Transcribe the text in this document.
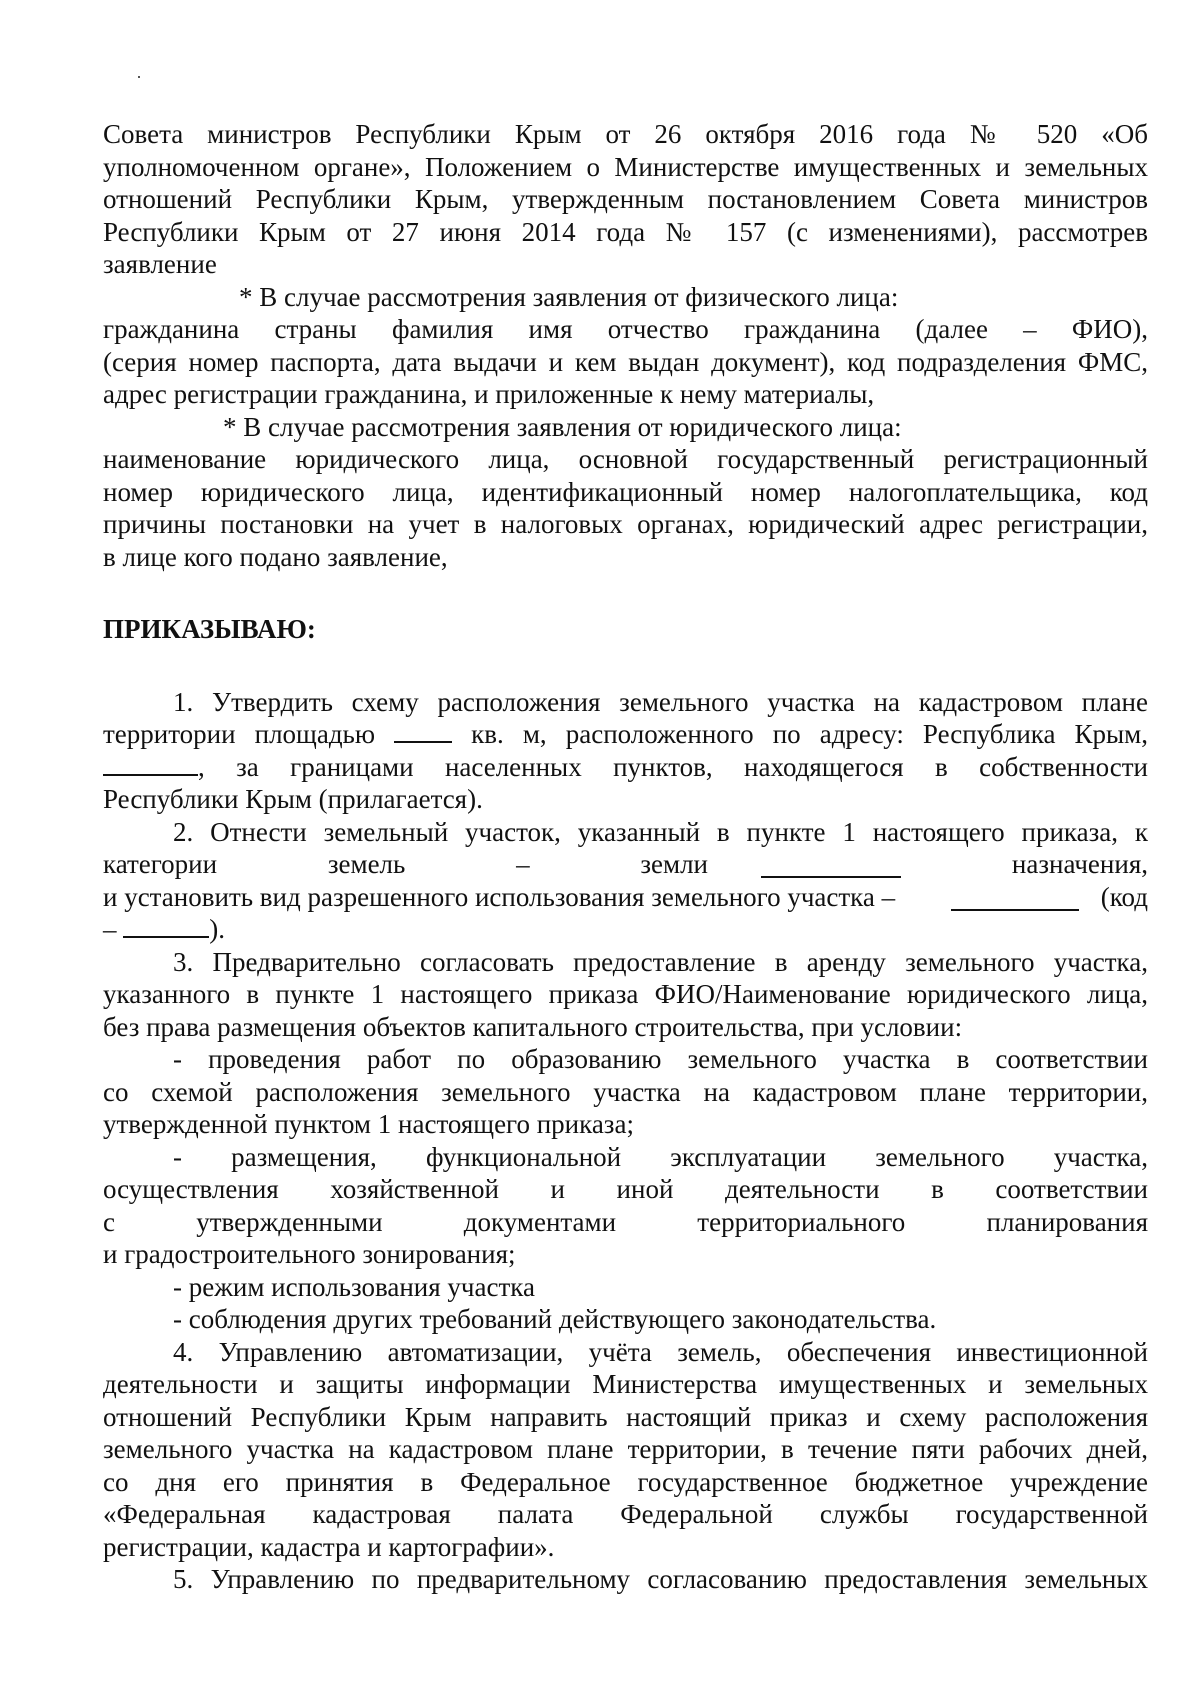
Совета министров Республики Крым от 26 октября 2016 года № 520 «Об

уполномоченном органе», Положением о Министерстве имущественных и земельных

отношений Республики Крым, утвержденным постановлением Совета министров

Республики Крым от 27 июня 2014 года № 157 (с изменениями), рассмотрев

заявление

* В случае рассмотрения заявления от физического лица:

гражданина страны фамилия имя отчество гражданина (далее – ФИО),

(серия номер паспорта, дата выдачи и кем выдан документ), код подразделения ФМС,

адрес регистрации гражданина, и приложенные к нему материалы,

* В случае рассмотрения заявления от юридического лица:

наименование юридического лица, основной государственный регистрационный

номер юридического лица, идентификационный номер налогоплательщика, код

причины постановки на учет в налоговых органах, юридический адрес регистрации,

в лице кого подано заявление,

ПРИКАЗЫВАЮ:

1. Утвердить схему расположения земельного участка на кадастровом плане

территории площадью	кв. м, расположенного по адресу: Республика Крым,

, за границами населенных пунктов, находящегося в собственности

Республики Крым (прилагается).

2. Отнести земельный участок, указанный в пункте 1 настоящего приказа, к

категории земель – земли	назначения,

и установить вид разрешенного использования земельного участка –	(код

–	).

3. Предварительно согласовать предоставление в аренду земельного участка,

указанного в пункте 1 настоящего приказа ФИО/Наименование юридического лица,

без права размещения объектов капитального строительства, при условии:

- проведения работ по образованию земельного участка в соответствии

со схемой расположения земельного участка на кадастровом плане территории,

утвержденной пунктом 1 настоящего приказа;

- размещения, функциональной эксплуатации земельного участка,

осуществления хозяйственной и иной деятельности в соответствии

с утвержденными документами территориального планирования

и градостроительного зонирования;

- режим использования участка

- соблюдения других требований действующего законодательства.

4. Управлению автоматизации, учёта земель, обеспечения инвестиционной

деятельности и защиты информации Министерства имущественных и земельных

отношений Республики Крым направить настоящий приказ и схему расположения

земельного участка на кадастровом плане территории, в течение пяти рабочих дней,

со дня его принятия в Федеральное государственное бюджетное учреждение

«Федеральная кадастровая палата Федеральной службы государственной

регистрации, кадастра и картографии».

5. Управлению по предварительному согласованию предоставления земельных
